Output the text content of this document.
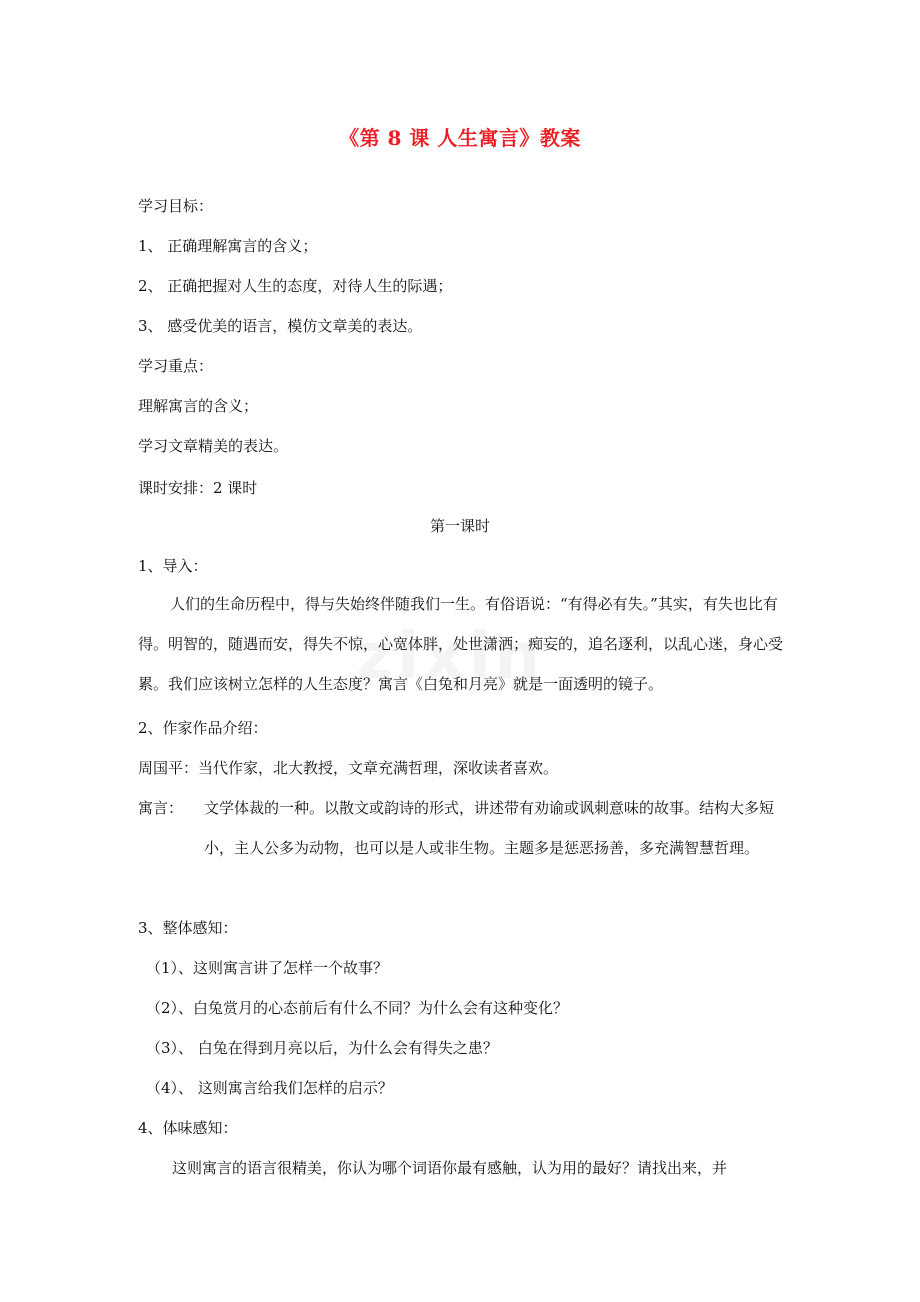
《第 8 课 人生寓言》教案
学习目标：
1、 正确理解寓言的含义；
2、 正确把握对人生的态度，对待人生的际遇；
3、 感受优美的语言，模仿文章美的表达。
学习重点：
理解寓言的含义；
学习文章精美的表达。
课时安排：2 课时
第一课时
1、导入：
人们的生命历程中，得与失始终伴随我们一生。有俗语说：“有得必有失。”其实，有失也比有得。明智的，随遇而安，得失不惊，心宽体胖，处世潇洒；痴妄的，追名逐利，以乱心迷，身心受累。我们应该树立怎样的人生态度？寓言《白兔和月亮》就是一面透明的镜子。
2、作家作品介绍：
周国平：当代作家，北大教授，文章充满哲理，深收读者喜欢。
寓言： 文学体裁的一种。以散文或韵诗的形式，讲述带有劝谕或讽刺意味的故事。结构大多短小，主人公多为动物，也可以是人或非生物。主题多是惩恶扬善，多充满智慧哲理。
3、整体感知：
（1）、这则寓言讲了怎样一个故事？
（2）、白兔赏月的心态前后有什么不同？为什么会有这种变化？
（3）、 白兔在得到月亮以后，为什么会有得失之患？
（4）、 这则寓言给我们怎样的启示？
4、体味感知：
这则寓言的语言很精美，你认为哪个词语你最有感触，认为用的最好？请找出来，并
